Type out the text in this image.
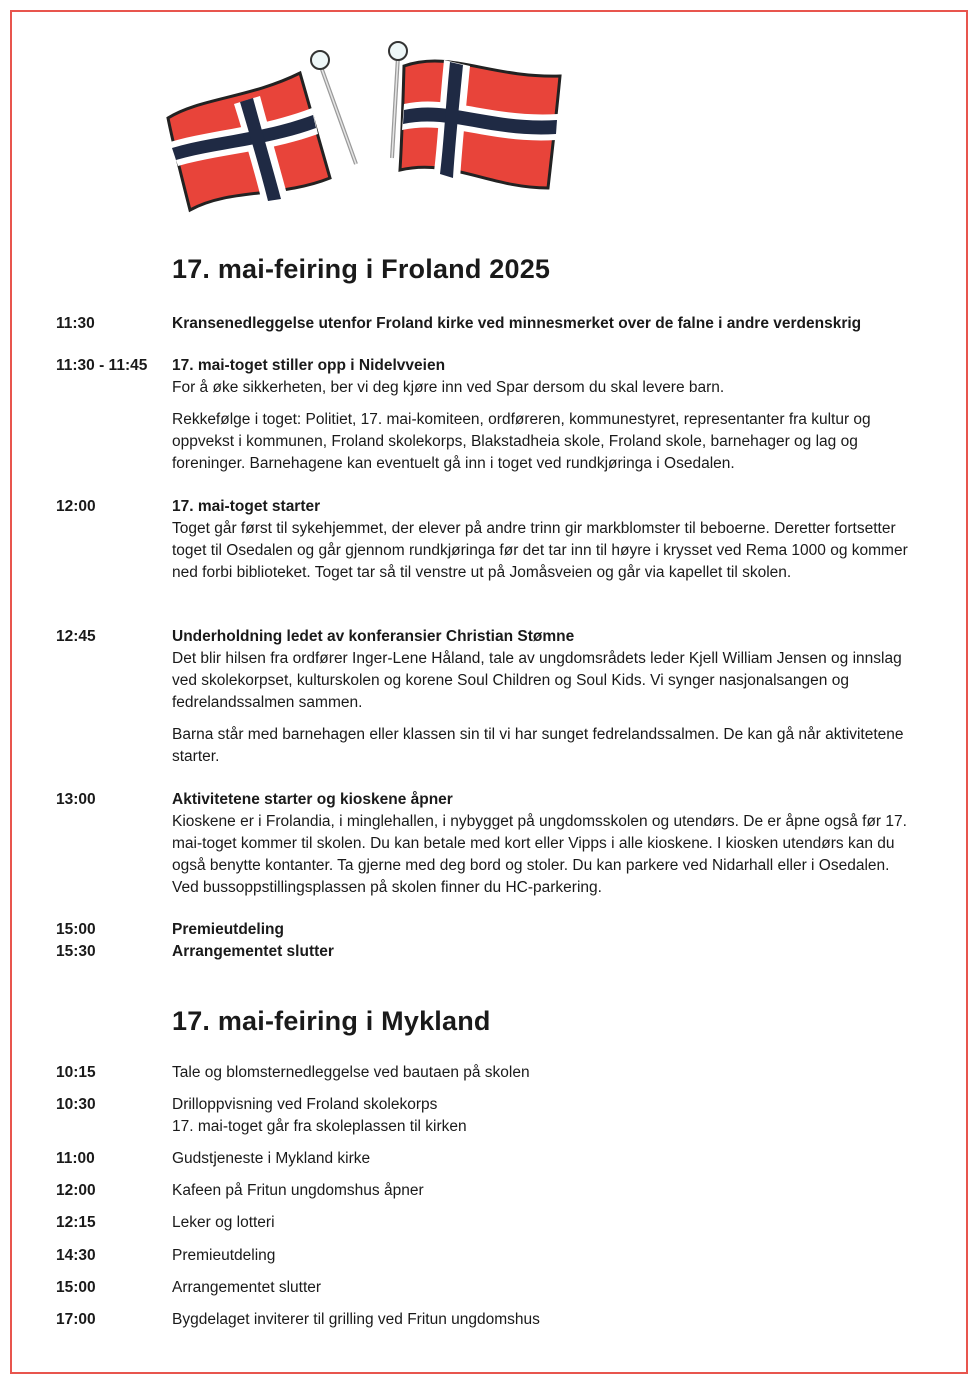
17. mai-feiring i Froland 2025
11:30	Kransenedleggelse utenfor Froland kirke ved minnesmerket over de falne i andre verdenskrig
11:30 - 11:45 17. mai-toget stiller opp i Nidelvveien

For å øke sikkerheten, ber vi deg kjøre inn ved Spar dersom du skal levere barn.

Rekkefølge i toget: Politiet, 17. mai-komiteen, ordføreren, kommunestyret, representanter fra kultur og oppvekst i kommunen, Froland skolekorps, Blakstadheia skole, Froland skole, barnehager og lag og foreninger. Barnehagene kan eventuelt gå inn i toget ved rundkjøringa i Osedalen.

12:00	17. mai-toget starter

Toget går først til sykehjemmet, der elever på andre trinn gir markblomster til beboerne. Deretter fortsetter toget til Osedalen og går gjennom rundkjøringa før det tar inn til høyre i krysset ved Rema 1000 og kommer ned forbi biblioteket. Toget tar så til venstre ut på Jomåsveien og går via kapellet til skolen.

12:45	Underholdning ledet av konferansier Christian Stømne

Det blir hilsen fra ordfører Inger-Lene Håland, tale av ungdomsrådets leder Kjell William Jensen og innslag ved skolekorpset, kulturskolen og korene Soul Children og Soul Kids. Vi synger nasjonalsangen og fedrelandssalmen sammen.

Barna står med barnehagen eller klassen sin til vi har sunget fedrelandssalmen. De kan gå når aktivitetene starter.

13:00	Aktivitetene starter og kioskene åpner

Kioskene er i Frolandia, i minglehallen, i nybygget på ungdomsskolen og utendørs. De er åpne også før 17. mai-toget kommer til skolen. Du kan betale med kort eller Vipps i alle kioskene. I kiosken utendørs kan du også benytte kontanter. Ta gjerne med deg bord og stoler. Du kan parkere ved Nidarhall eller i Osedalen. Ved bussoppstillingsplassen på skolen finner du HC-parkering.

15:00	Premieutdeling
15:30	Arrangementet slutter
17. mai-feiring i Mykland
10:15	Tale og blomsternedleggelse ved bautaen på skolen
10:30	Drilloppvisning ved Froland skolekorps
17. mai-toget går fra skoleplassen til kirken
11:00	Gudstjeneste i Mykland kirke
12:00	Kafeen på Fritun ungdomshus åpner
12:15	Leker og lotteri
14:30	Premieutdeling
15:00	Arrangementet slutter
17:00	Bygdelaget inviterer til grilling ved Fritun ungdomshus
